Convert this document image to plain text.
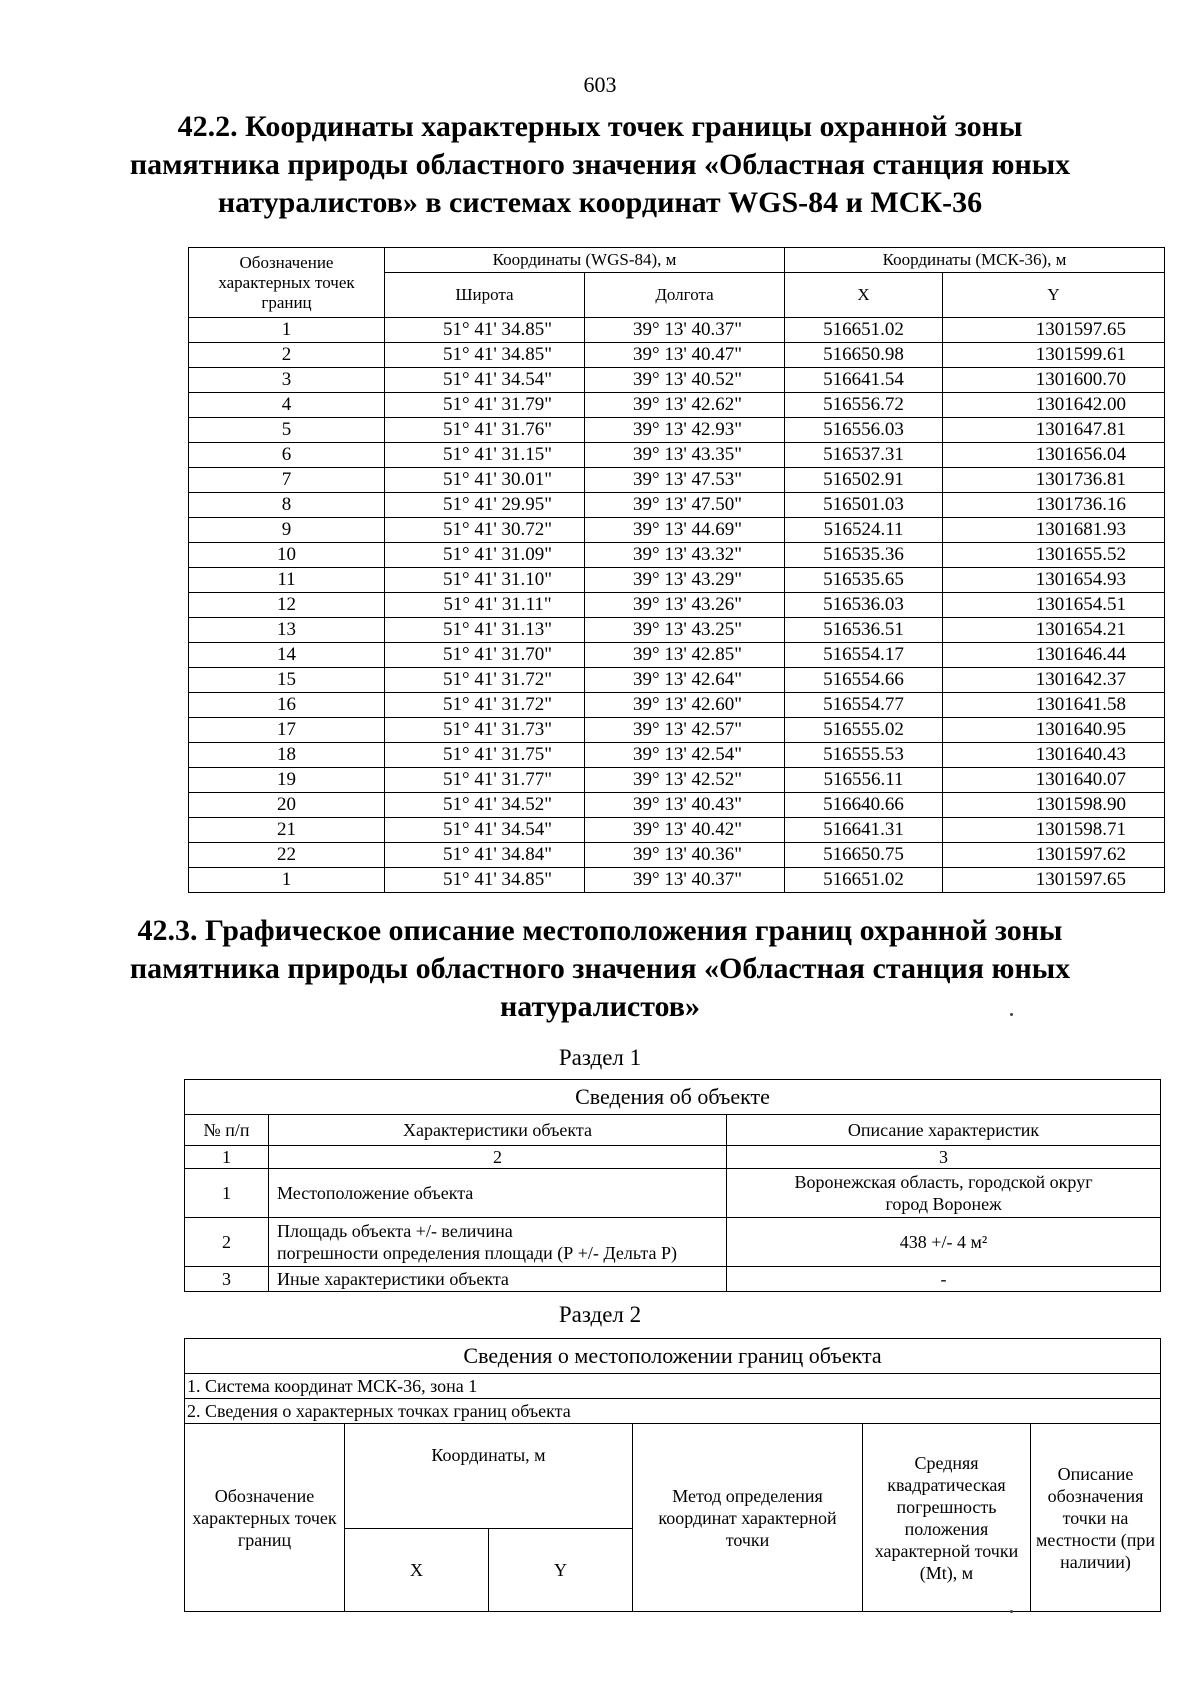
603
42.2. Координаты характерных точек границы охранной зоны
памятника природы областного значения «Областная станция юных
натуралистов» в системах координат WGS-84 и МСК-36
Обозначение
характерных точек
границ	Координаты (WGS-84), м		Координаты (МСК-36), м	
	Широта	Долгота	X	Y
1	51° 41' 34.85"	39° 13' 40.37"	516651.02	1301597.65
2	51° 41' 34.85"	39° 13' 40.47"	516650.98	1301599.61
3	51° 41' 34.54"	39° 13' 40.52"	516641.54	1301600.70
4	51° 41' 31.79"	39° 13' 42.62"	516556.72	1301642.00
5	51° 41' 31.76"	39° 13' 42.93"	516556.03	1301647.81
6	51° 41' 31.15"	39° 13' 43.35"	516537.31	1301656.04
7	51° 41' 30.01"	39° 13' 47.53"	516502.91	1301736.81
8	51° 41' 29.95"	39° 13' 47.50"	516501.03	1301736.16
9	51° 41' 30.72"	39° 13' 44.69"	516524.11	1301681.93
10	51° 41' 31.09"	39° 13' 43.32"	516535.36	1301655.52
11	51° 41' 31.10"	39° 13' 43.29"	516535.65	1301654.93
12	51° 41' 31.11"	39° 13' 43.26"	516536.03	1301654.51
13	51° 41' 31.13"	39° 13' 43.25"	516536.51	1301654.21
14	51° 41' 31.70"	39° 13' 42.85"	516554.17	1301646.44
15	51° 41' 31.72"	39° 13' 42.64"	516554.66	1301642.37
16	51° 41' 31.72"	39° 13' 42.60"	516554.77	1301641.58
17	51° 41' 31.73"	39° 13' 42.57"	516555.02	1301640.95
18	51° 41' 31.75"	39° 13' 42.54"	516555.53	1301640.43
19	51° 41' 31.77"	39° 13' 42.52"	516556.11	1301640.07
20	51° 41' 34.52"	39° 13' 40.43"	516640.66	1301598.90
21	51° 41' 34.54"	39° 13' 40.42"	516641.31	1301598.71
22	51° 41' 34.84"	39° 13' 40.36"	516650.75	1301597.62
1	51° 41' 34.85"	39° 13' 40.37"	516651.02	1301597.65
42.3. Графическое описание местоположения границ охранной зоны
памятника природы областного значения «Областная станция юных
натуралистов»
Раздел 1
Сведения об объекте		
№ п/п	Характеристики объекта	Описание характеристик
1	2	3
1	Местоположение объекта	Воронежская область, городской округ
город Воронеж

2	Площадь объекта +/- величина
погрешности определения площади (Р +/- Дельта Р)	438 +/- 4 м²

3	Иные характеристики объекта	-
Раздел 2
Сведения о местоположении границ объекта					
1. Система координат МСК-36, зона 1					
2. Сведения о характерных точках границ объекта					
Обозначение характерных точек границ	Координаты, м		Метод определения координат характерной точки	Средняя квадратическая погрешность положения характерной точки (Mt), м	Описание обозначения точки на местности (при наличии)
	X	Y			
